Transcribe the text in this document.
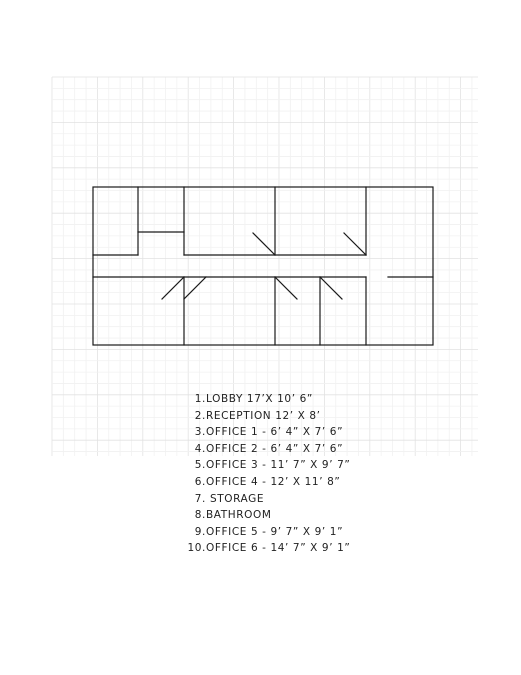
1.LOBBY 17’X 10’ 6”
2.RECEPTION 12’ X 8’
3.OFFICE 1 - 6’ 4” X 7’ 6”
4.OFFICE 2 - 6’ 4” X 7’ 6”
5.OFFICE 3 - 11’ 7” X 9’ 7”
6.OFFICE 4 - 12’ X 11’ 8”
7. STORAGE
8.BATHROOM
9.OFFICE 5 - 9’ 7” X 9’ 1”
10.OFFICE 6 - 14’ 7” X 9’ 1”
